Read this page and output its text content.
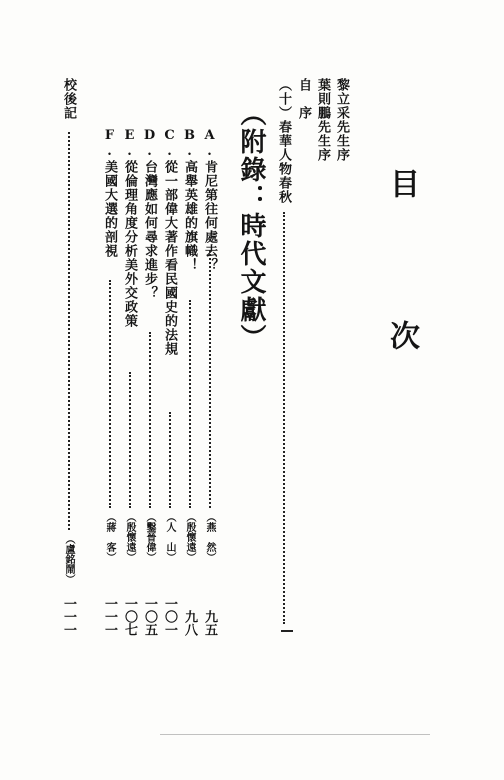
目　次
黎立采先生序
葉則鵬先生序
自　序
（十）春華人物春秋
（附錄：時代文獻）
A.肯尼第往何處去？
（燕　然）
九五
B.高舉英雄的旗幟！
（殷懷遠）
九八
C.從一部偉大著作看民國史的法規
（人　山）
一〇一
D.台灣應如何尋求進步？
（鑿晉偉）
一〇五
E.從倫理角度分析美外交政策
（殷懷遠）
一〇七
F.美國大選的剖視
（蔣　客）
一一一
校後記
（盧銘鬧）
一一一
